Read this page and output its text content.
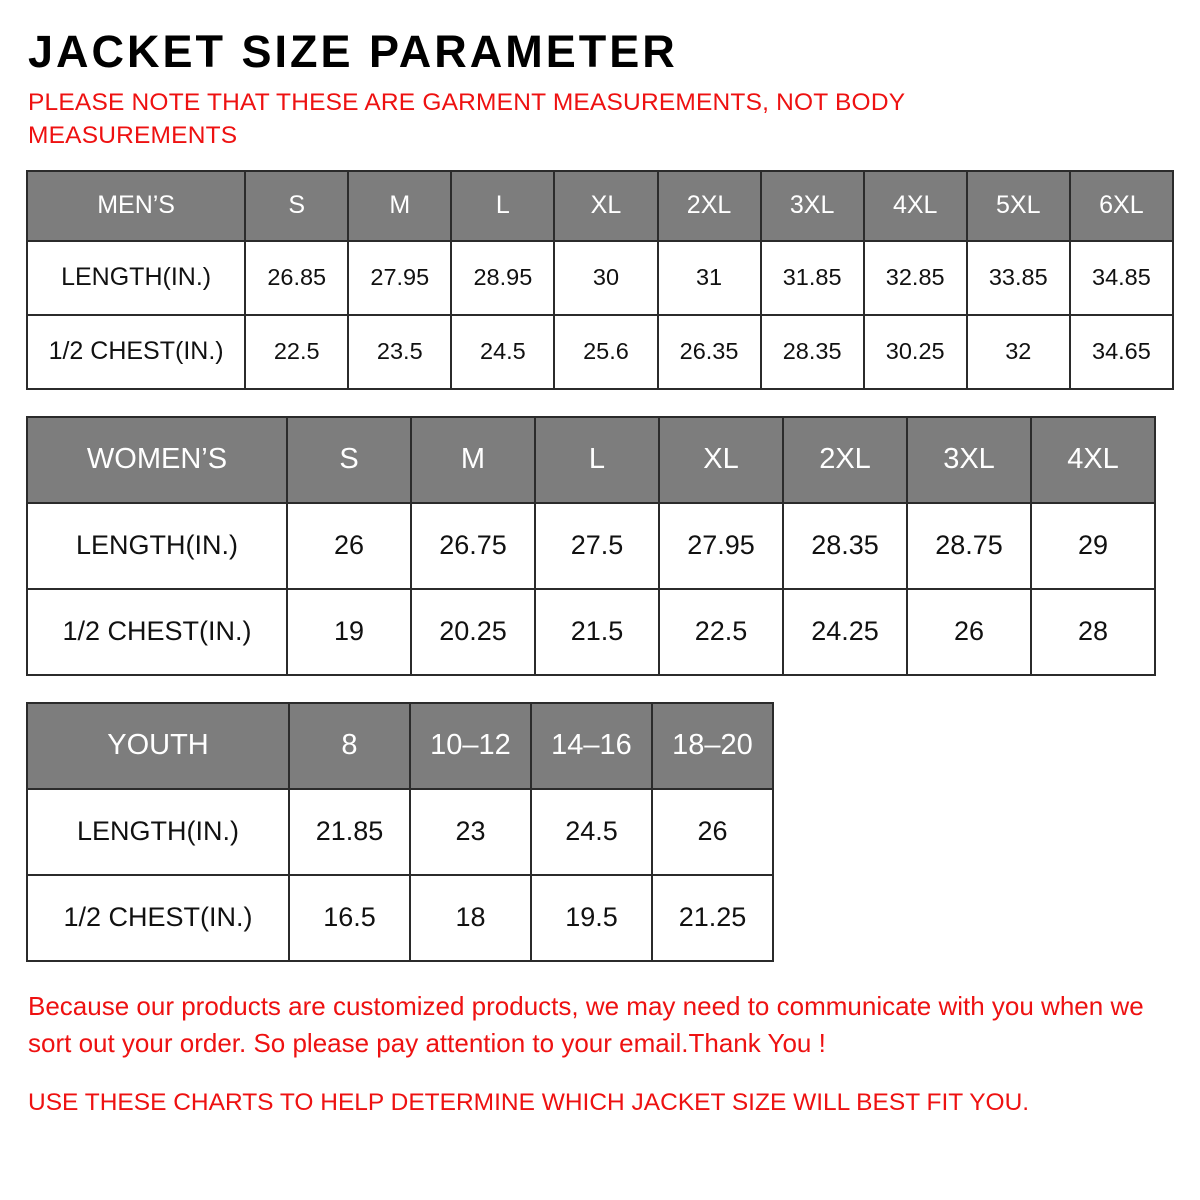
JACKET SIZE PARAMETER

PLEASE NOTE THAT THESE ARE GARMENT MEASUREMENTS, NOT BODY MEASUREMENTS

MEN’S	S	M	L	XL	2XL	3XL	4XL	5XL	6XL
LENGTH(IN.)	26.85	27.95	28.95	30	31	31.85	32.85	33.85	34.85
1/2 CHEST(IN.)	22.5	23.5	24.5	25.6	26.35	28.35	30.25	32	34.65
WOMEN’S	S	M	L	XL	2XL	3XL	4XL
LENGTH(IN.)	26	26.75	27.5	27.95	28.35	28.75	29
1/2 CHEST(IN.)	19	20.25	21.5	22.5	24.25	26	28
YOUTH	8	10–12	14–16	18–20
LENGTH(IN.)	21.85	23	24.5	26
1/2 CHEST(IN.)	16.5	18	19.5	21.25
Because our products are customized products, we may need to communicate with you when we sort out your order. So please pay attention to your email.Thank You !
USE THESE CHARTS TO HELP DETERMINE WHICH JACKET SIZE WILL BEST FIT YOU.
